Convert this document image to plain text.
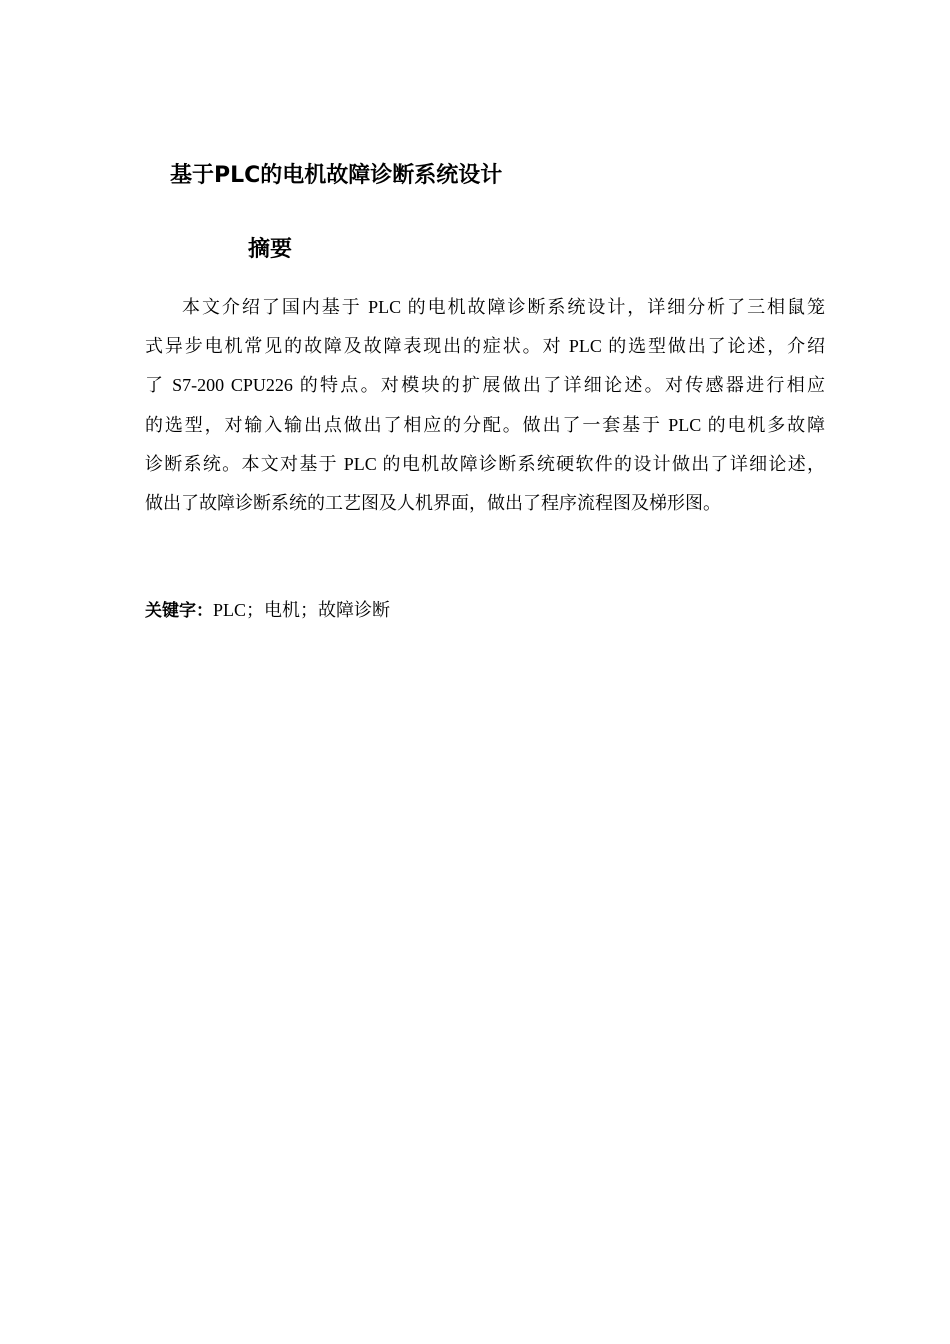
基于PLC的电机故障诊断系统设计
摘要
本文介绍了国内基于 PLC 的电机故障诊断系统设计，详细分析了三相鼠笼
式异步电机常见的故障及故障表现出的症状。对 PLC 的选型做出了论述，介绍
了 S7-200 CPU226 的特点。对模块的扩展做出了详细论述。对传感器进行相应
的选型，对输入输出点做出了相应的分配。做出了一套基于 PLC 的电机多故障
诊断系统。本文对基于 PLC 的电机故障诊断系统硬软件的设计做出了详细论述，
做出了故障诊断系统的工艺图及人机界面，做出了程序流程图及梯形图。
关键字：PLC；电机；故障诊断
